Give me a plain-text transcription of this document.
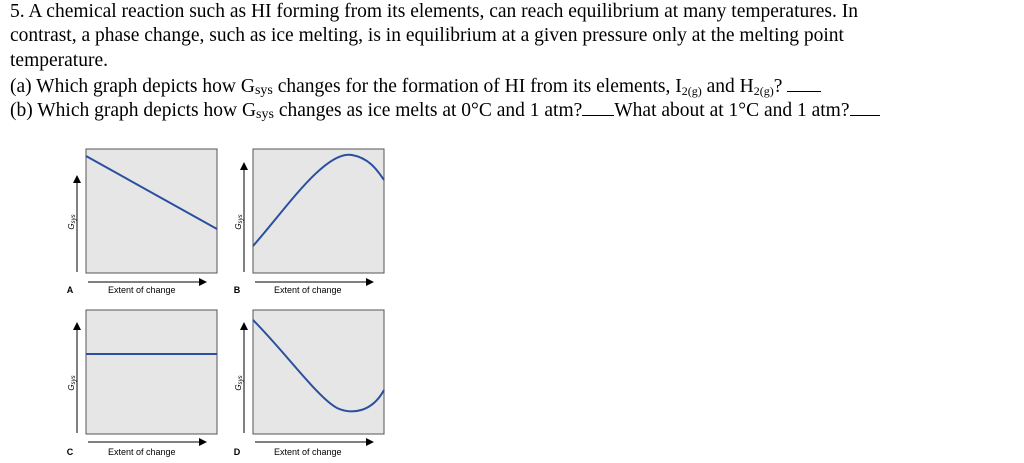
5. A chemical reaction such as HI forming from its elements, can reach equilibrium at many temperatures. In
contrast, a phase change, such as ice melting, is in equilibrium at a given pressure only at the melting point
temperature.
(a) Which graph depicts how Gsys changes for the formation of HI from its elements, $I_{2(g)}$ and $H_{2(g)}$?
(b) Which graph depicts how Gsys changes as ice melts at 0°C and 1 atm? What about at 1°C and 1 atm?
Gsys
Extent of change
A
Gsys
Extent of change
B
Gsys
Extent of change
C
Gsys
Extent of change
D
